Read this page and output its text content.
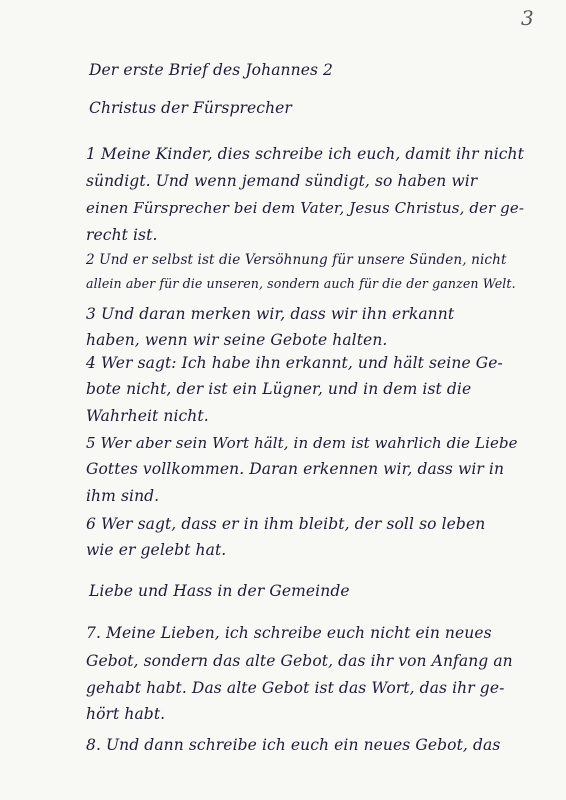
3
Der erste Brief des Johannes 2
Christus der Fürsprecher
1 Meine Kinder, dies schreibe ich euch, damit ihr nicht
sündigt. Und wenn jemand sündigt, so haben wir
einen Fürsprecher bei dem Vater, Jesus Christus, der ge-
recht ist.
2 Und er selbst ist die Versöhnung für unsere Sünden, nicht
allein aber für die unseren, sondern auch für die der ganzen Welt.
3 Und daran merken wir, dass wir ihn erkannt
haben, wenn wir seine Gebote halten.
4 Wer sagt: Ich habe ihn erkannt, und hält seine Ge-
bote nicht, der ist ein Lügner, und in dem ist die
Wahrheit nicht.
5 Wer aber sein Wort hält, in dem ist wahrlich die Liebe
Gottes vollkommen. Daran erkennen wir, dass wir in
ihm sind.
6 Wer sagt, dass er in ihm bleibt, der soll so leben
wie er gelebt hat.
Liebe und Hass in der Gemeinde
7. Meine Lieben, ich schreibe euch nicht ein neues
Gebot, sondern das alte Gebot, das ihr von Anfang an
gehabt habt. Das alte Gebot ist das Wort, das ihr ge-
hört habt.
8. Und dann schreibe ich euch ein neues Gebot, das
